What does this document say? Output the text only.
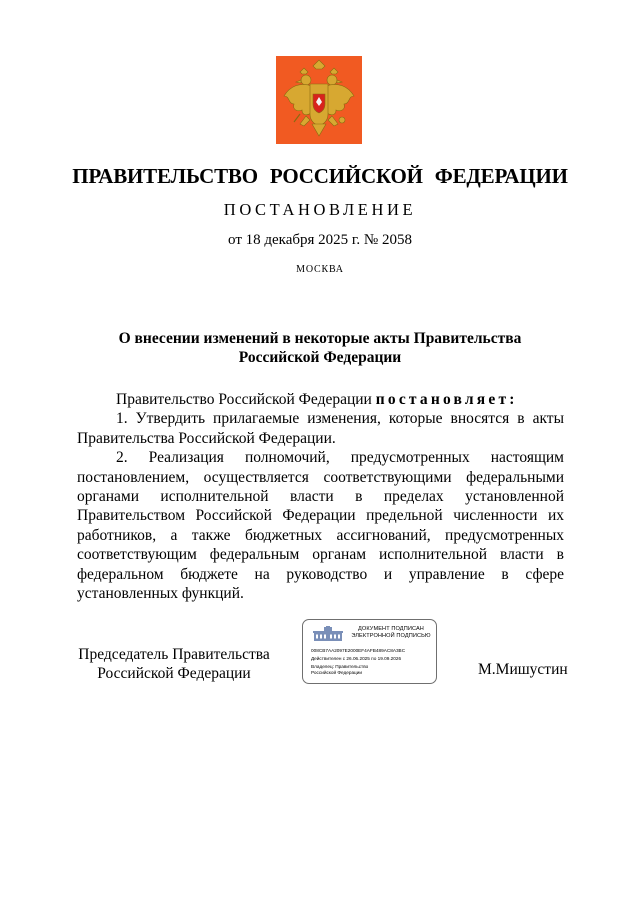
ПРАВИТЕЛЬСТВО РОССИЙСКОЙ ФЕДЕРАЦИИ
ПОСТАНОВЛЕНИЕ
от 18 декабря 2025 г. № 2058
МОСКВА
О внесении изменений в некоторые акты Правительства
Российской Федерации

Правительство Российской Федерации постановляет:

1. Утвердить прилагаемые изменения, которые вносятся в акты Правительства Российской Федерации.

2. Реализация полномочий, предусмотренных настоящим постановлением, осуществляется соответствующими федеральными органами исполнительной власти в пределах установленной Правительством Российской Федерации предельной численности их работников, а также бюджетных ассигнований, предусмотренных соответствующим федеральным органам исполнительной власти в федеральном бюджете на руководство и управление в сфере установленных функций.

Председатель Правительства
Российской Федерации
ДОКУМЕНТ ПОДПИСАН
ЭЛЕКТРОННОЙ ПОДПИСЬЮ
008CB7AA2097E2000EF4AFB489AC8A3BC
Действителен с 26.06.2025 по 19.09.2026
Владелец: Правительство Российской Федерации	М.Мишустин
